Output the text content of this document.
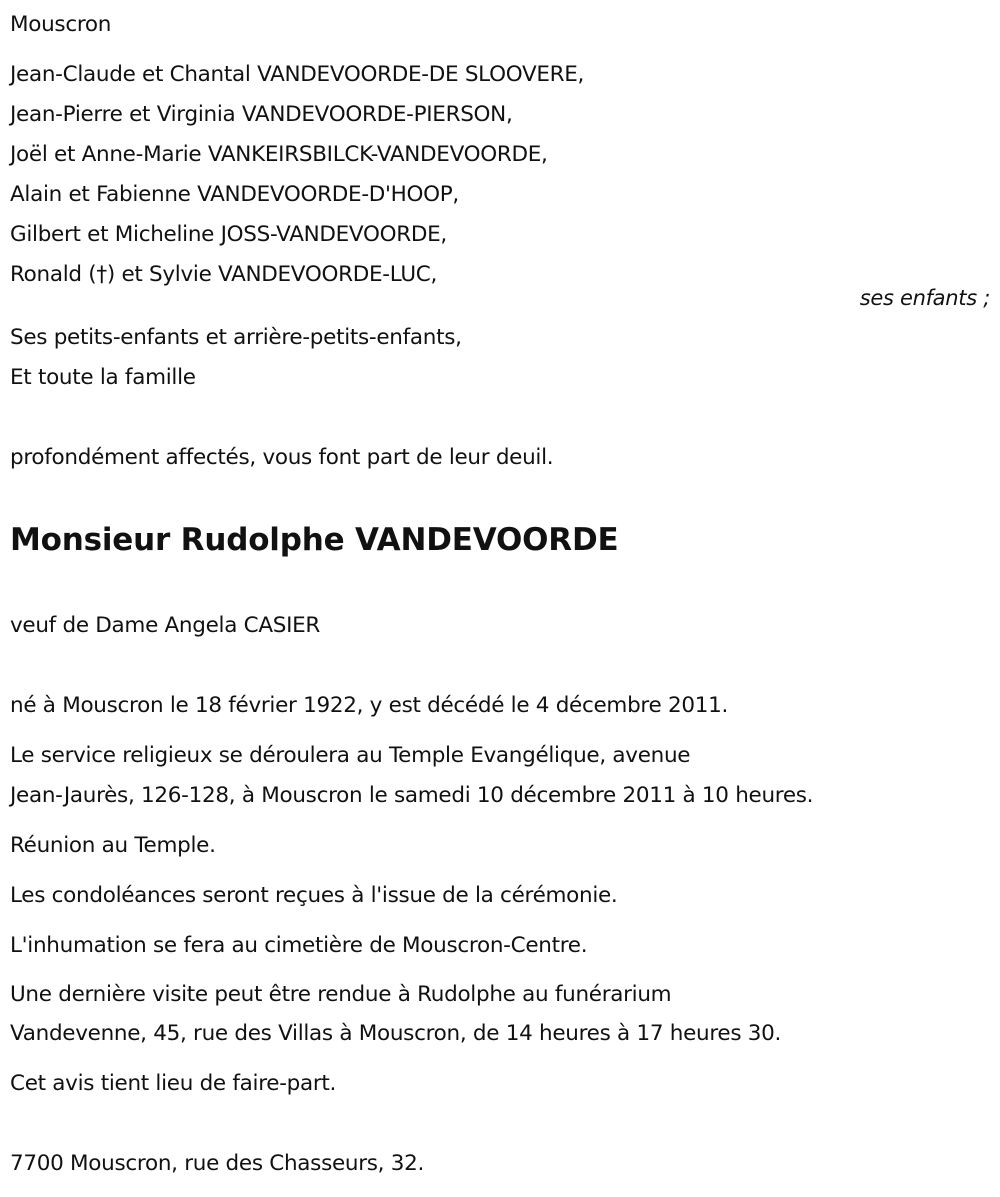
Mouscron
Jean-Claude et Chantal VANDEVOORDE-DE SLOOVERE,
Jean-Pierre et Virginia VANDEVOORDE-PIERSON,
Joël et Anne-Marie VANKEIRSBILCK-VANDEVOORDE,
Alain et Fabienne VANDEVOORDE-D'HOOP,
Gilbert et Micheline JOSS-VANDEVOORDE,
Ronald (†) et Sylvie VANDEVOORDE-LUC,
ses enfants ;
Ses petits-enfants et arrière-petits-enfants,
Et toute la famille
profondément affectés, vous font part de leur deuil.
Monsieur Rudolphe VANDEVOORDE
veuf de Dame Angela CASIER
né à Mouscron le 18 février 1922, y est décédé le 4 décembre 2011.
Le service religieux se déroulera au Temple Evangélique, avenue
Jean-Jaurès, 126-128, à Mouscron le samedi 10 décembre 2011 à 10 heures.
Réunion au Temple.
Les condoléances seront reçues à l'issue de la cérémonie.
L'inhumation se fera au cimetière de Mouscron-Centre.
Une dernière visite peut être rendue à Rudolphe au funérarium
Vandevenne, 45, rue des Villas à Mouscron, de 14 heures à 17 heures 30.
Cet avis tient lieu de faire-part.
7700 Mouscron, rue des Chasseurs, 32.
